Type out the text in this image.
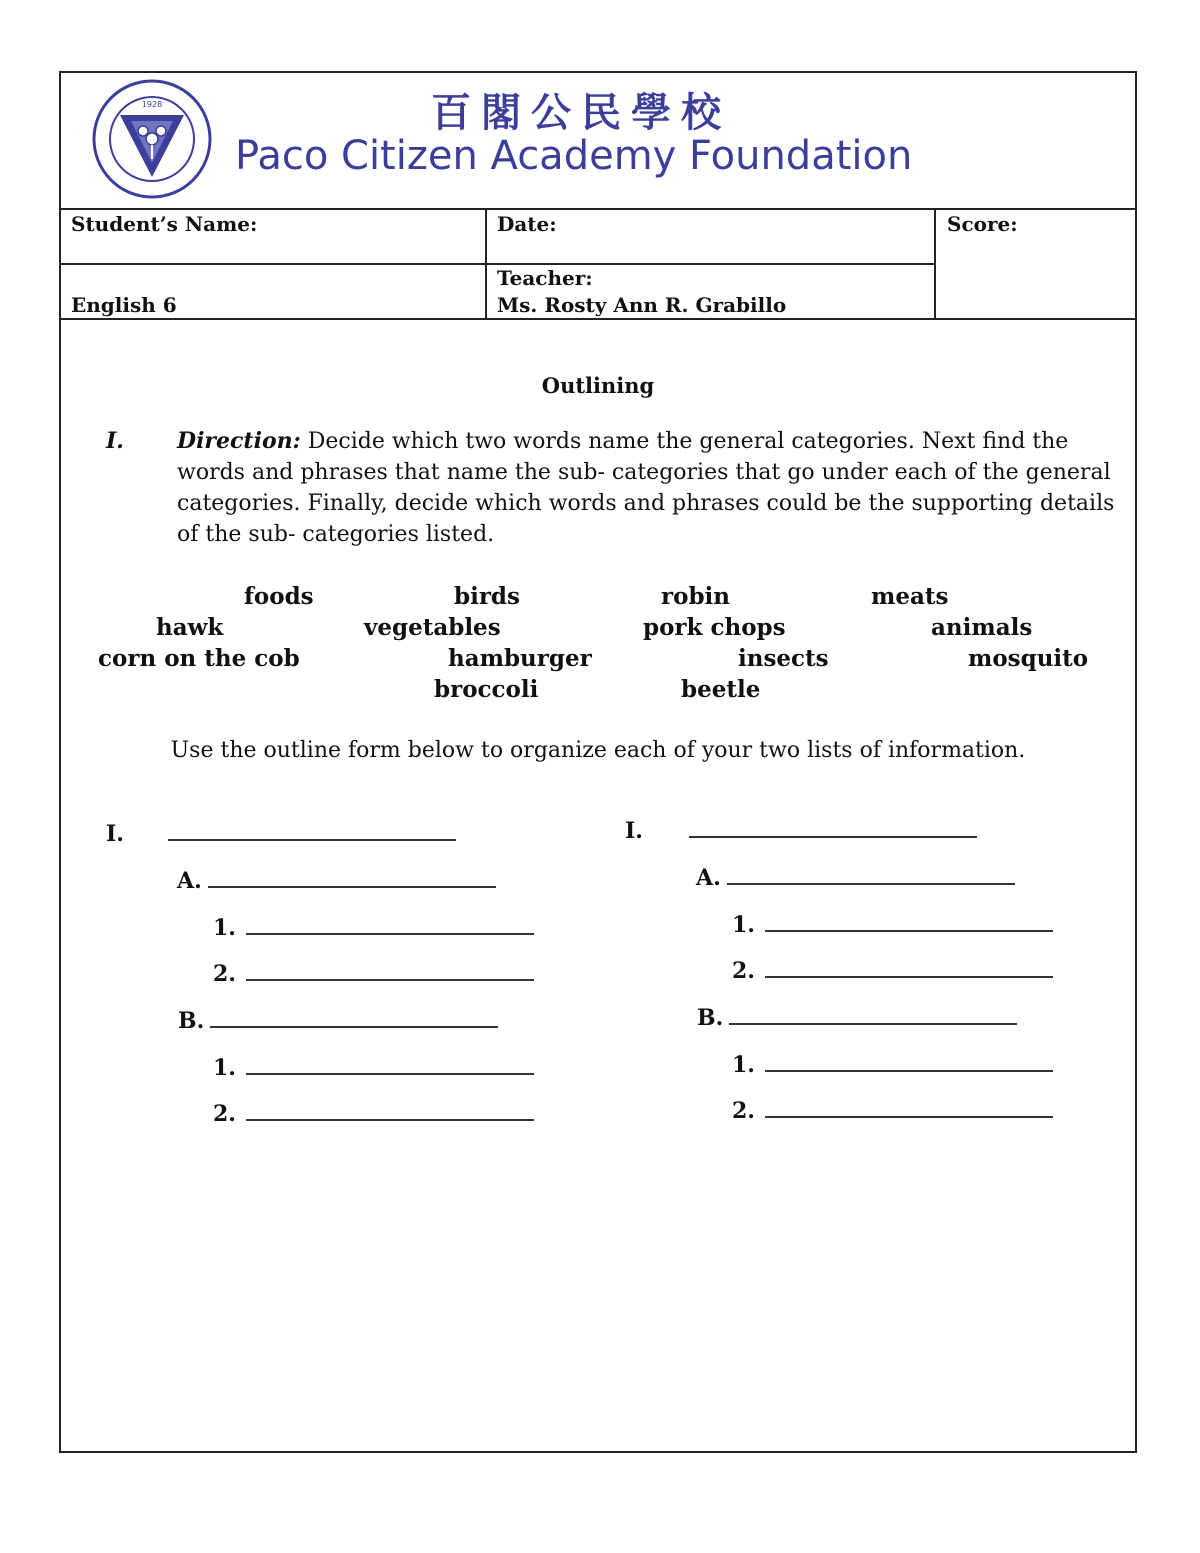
1928	百閣公民學校
Paco Citizen Academy Foundation
Student’s Name:	Date:	Score:
English 6
Teacher:
Ms. Rosty Ann R. Grabillo
Outlining
I. Direction: Decide which two words name the general categories. Next find the words and phrases that name the sub- categories that go under each of the general categories. Finally, decide which words and phrases could be the supporting details of the sub- categories listed.
foods	birds	robin	meats
hawk	vegetables	pork chops	animals
corn on the cob	hamburger	insects	mosquito
broccoli	beetle
Use the outline form below to organize each of your two lists of information.
I.
A.
1.
2.
B.
1.
2.
I.
A.
1.
2.
B.
1.
2.
